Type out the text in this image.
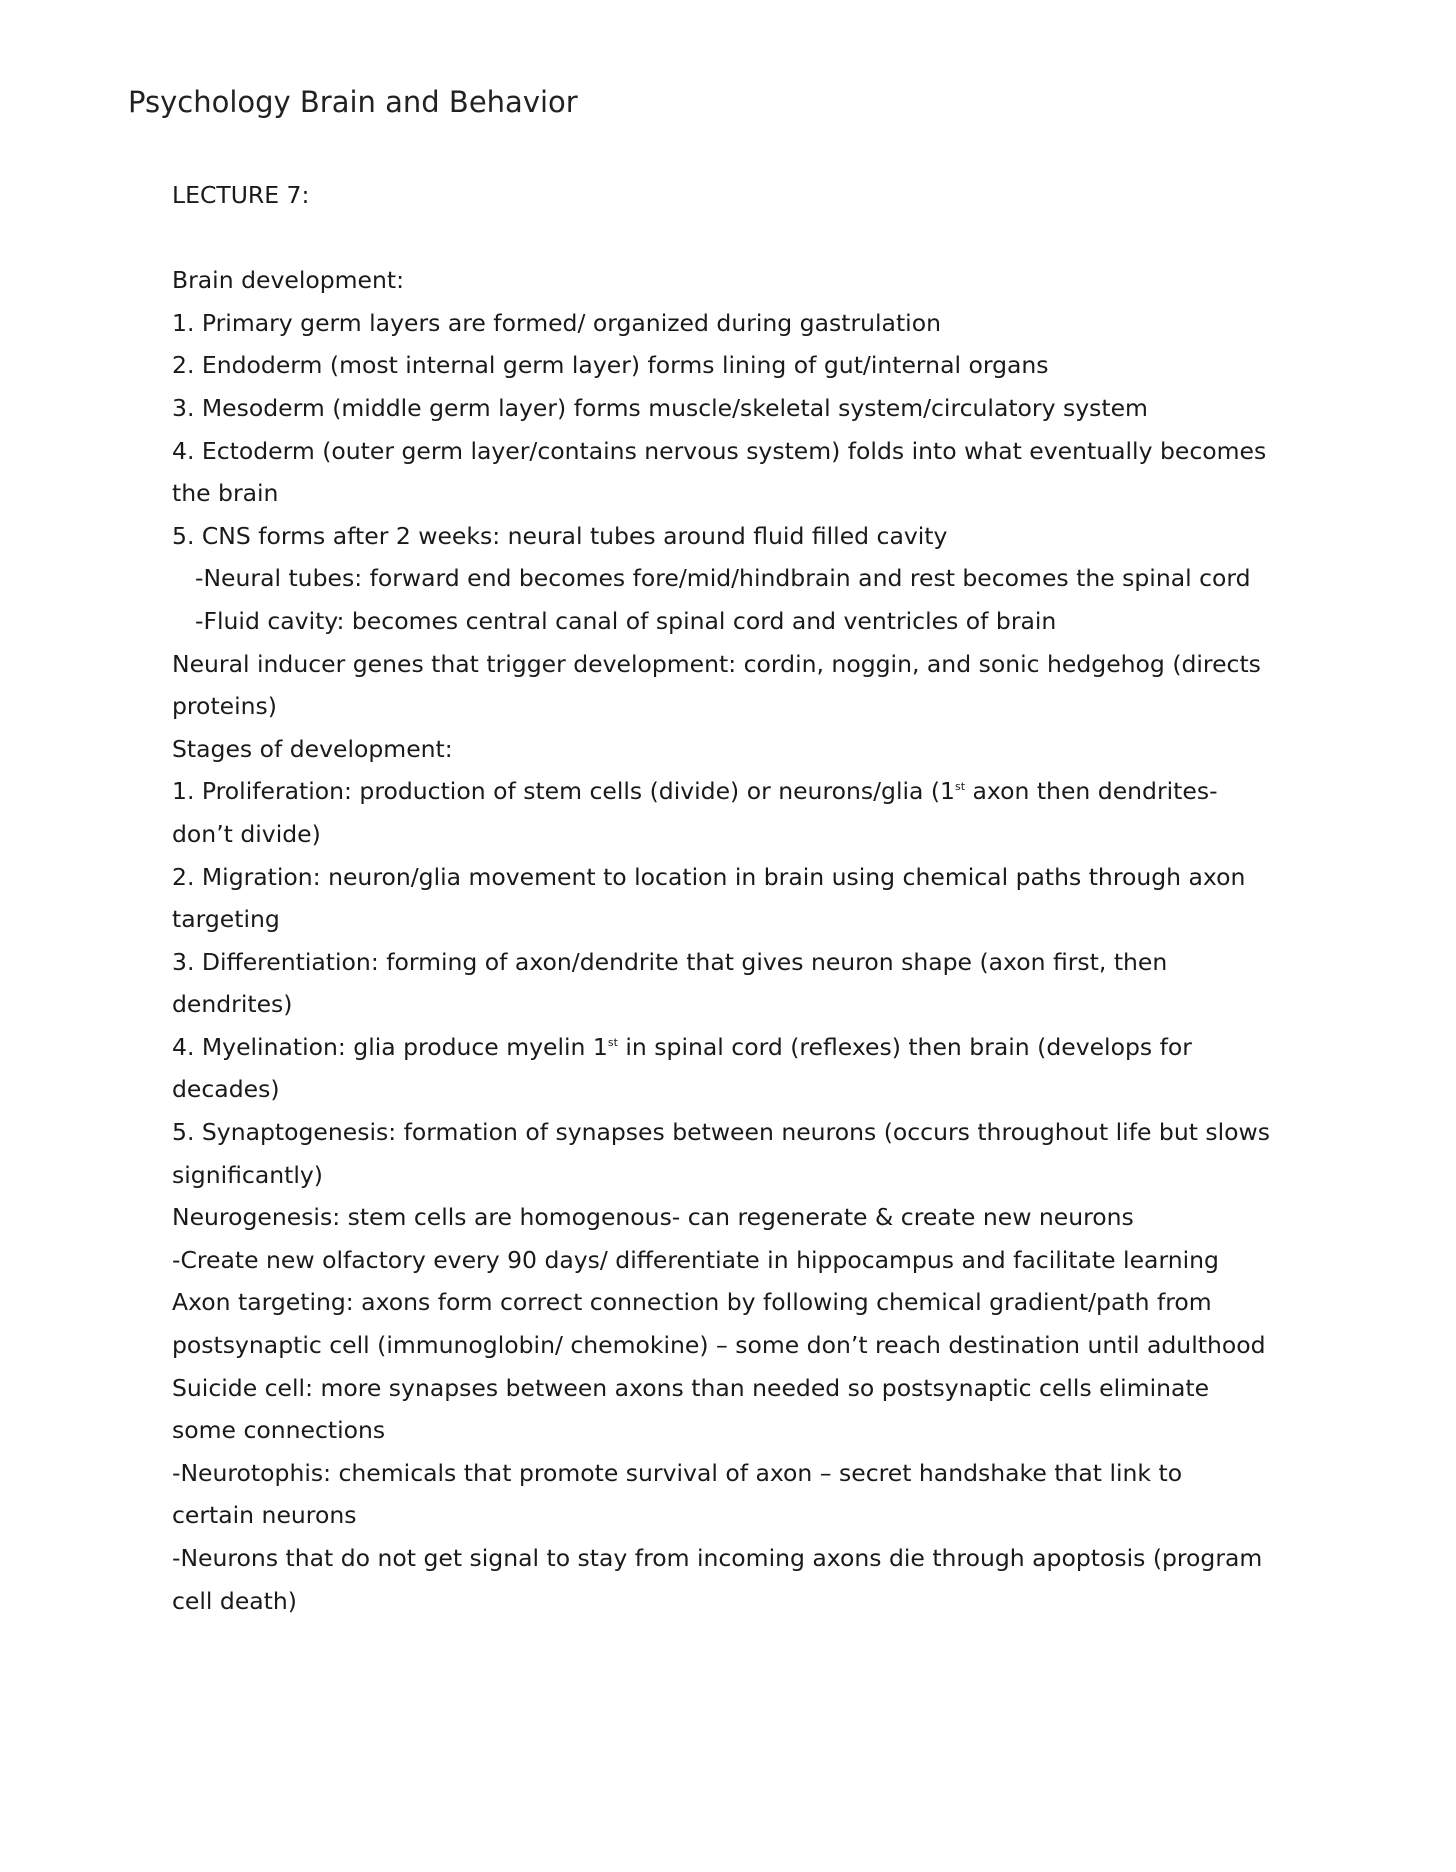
Psychology Brain and Behavior

LECTURE 7:

Brain development:

1. Primary germ layers are formed/ organized during gastrulation

2. Endoderm (most internal germ layer) forms lining of gut/internal organs

3. Mesoderm (middle germ layer) forms muscle/skeletal system/circulatory system

4. Ectoderm (outer germ layer/contains nervous system) folds into what eventually becomes

the brain

5. CNS forms after 2 weeks: neural tubes around fluid filled cavity

-Neural tubes: forward end becomes fore/mid/hindbrain and rest becomes the spinal cord

-Fluid cavity: becomes central canal of spinal cord and ventricles of brain

Neural inducer genes that trigger development: cordin, noggin, and sonic hedgehog (directs

proteins)

Stages of development:

1. Proliferation: production of stem cells (divide) or neurons/glia (1st axon then dendrites-

don’t divide)

2. Migration: neuron/glia movement to location in brain using chemical paths through axon

targeting

3. Differentiation: forming of axon/dendrite that gives neuron shape (axon first, then

dendrites)

4. Myelination: glia produce myelin 1st in spinal cord (reflexes) then brain (develops for

decades)

5. Synaptogenesis: formation of synapses between neurons (occurs throughout life but slows

significantly)

Neurogenesis: stem cells are homogenous- can regenerate & create new neurons

-Create new olfactory every 90 days/ differentiate in hippocampus and facilitate learning

Axon targeting: axons form correct connection by following chemical gradient/path from

postsynaptic cell (immunoglobin/ chemokine) – some don’t reach destination until adulthood

Suicide cell: more synapses between axons than needed so postsynaptic cells eliminate

some connections

-Neurotophis: chemicals that promote survival of axon – secret handshake that link to

certain neurons

-Neurons that do not get signal to stay from incoming axons die through apoptosis (program

cell death)
